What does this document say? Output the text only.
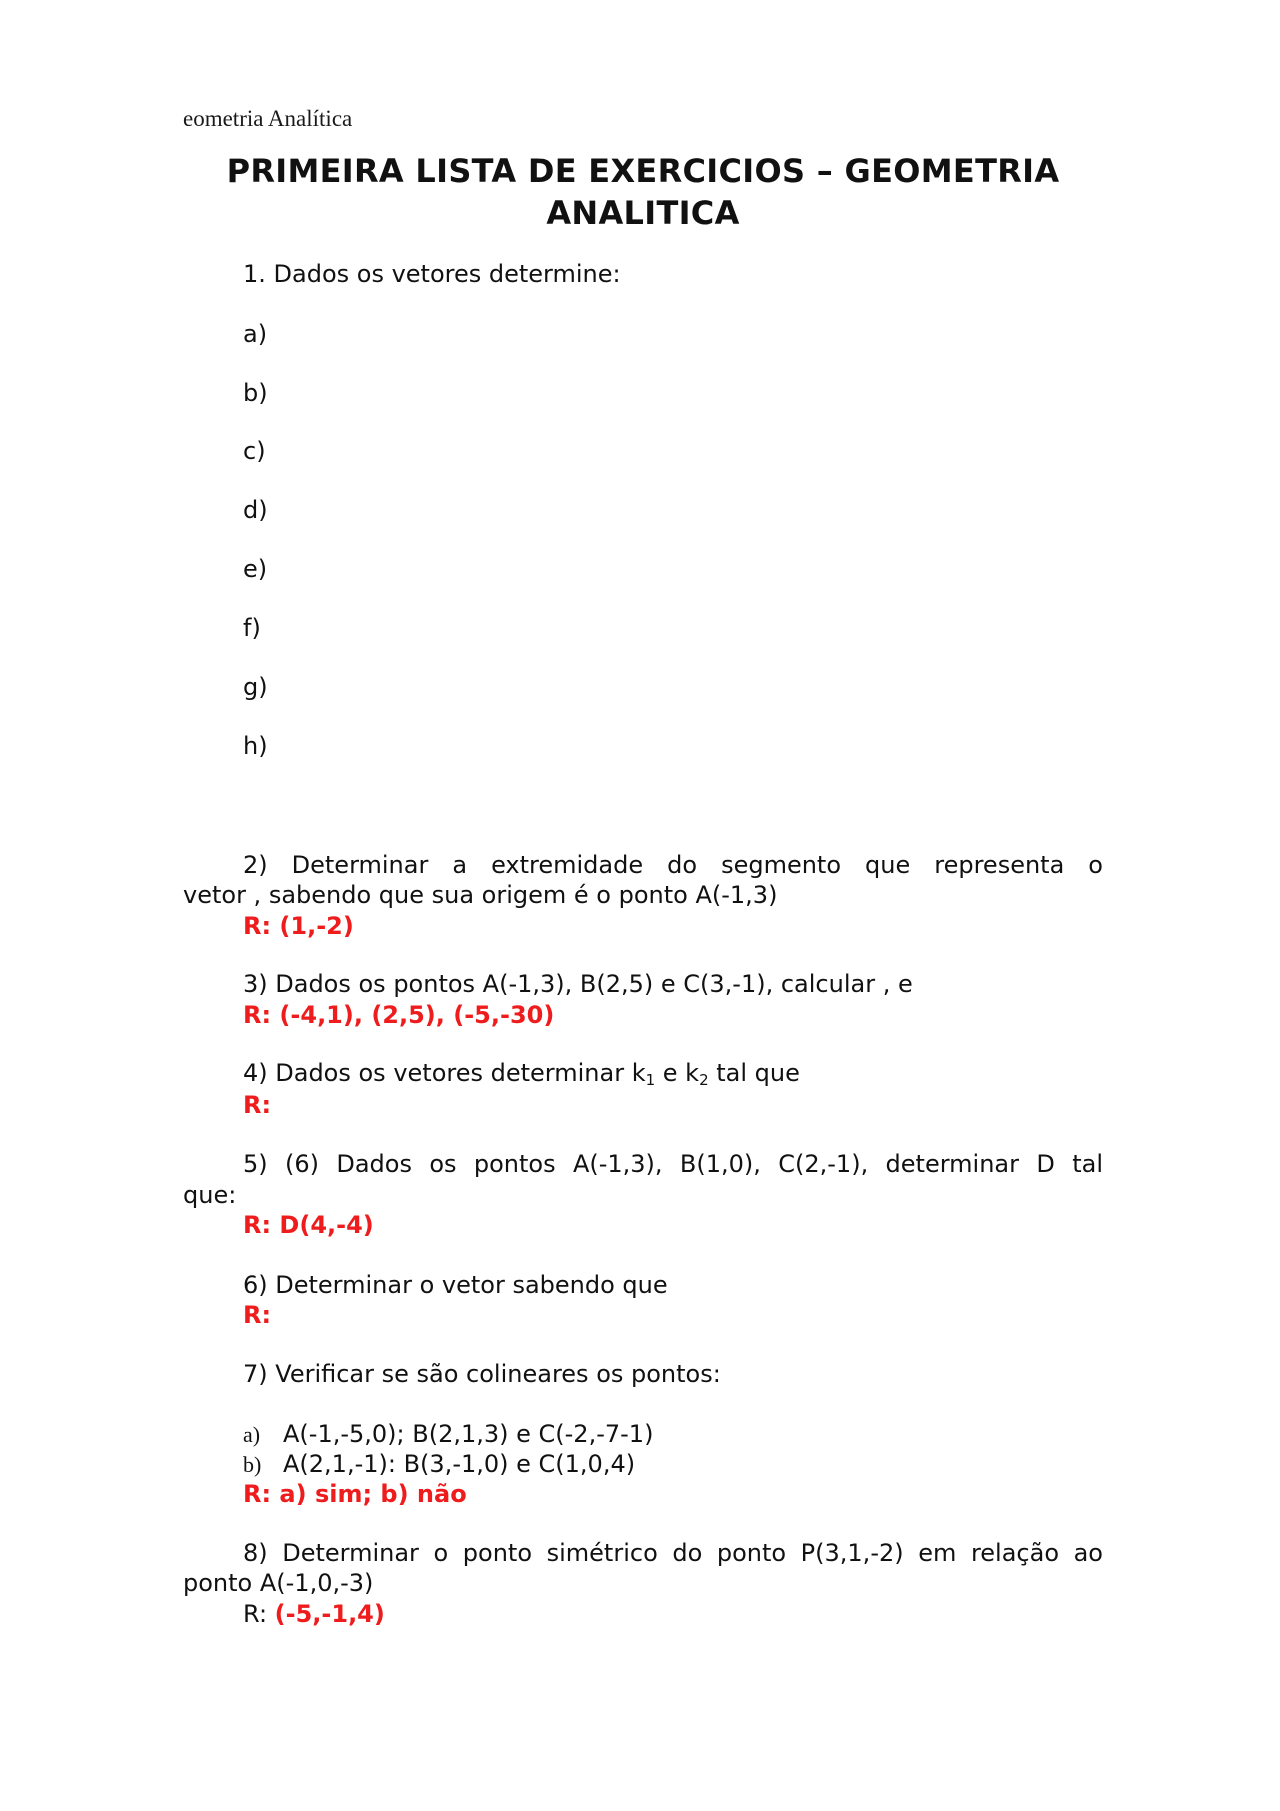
eometria Analítica
PRIMEIRA LISTA DE EXERCICIOS – GEOMETRIA ANALITICA
1. Dados os vetores determine:
a)
b)
c)
d)
e)
f)
g)
h)
2) Determinar a extremidade do segmento que representa o
vetor , sabendo que sua origem é o ponto A(-1,3)
R: (1,-2)
3) Dados os pontos A(-1,3), B(2,5) e C(3,-1), calcular , e
R: (-4,1), (2,5), (-5,-30)
4) Dados os vetores determinar $k_1$ e $k_2$ tal que
R:
5) (6) Dados os pontos A(-1,3), B(1,0), C(2,-1), determinar D tal
que:
R: D(4,-4)
6) Determinar o vetor sabendo que
R:
7) Verificar se são colineares os pontos:
a) A(-1,-5,0); B(2,1,3) e C(-2,-7-1)
b) A(2,1,-1): B(3,-1,0) e C(1,0,4)
R: a) sim; b) não
8) Determinar o ponto simétrico do ponto P(3,1,-2) em relação ao
ponto A(-1,0,-3)
R: (-5,-1,4)
